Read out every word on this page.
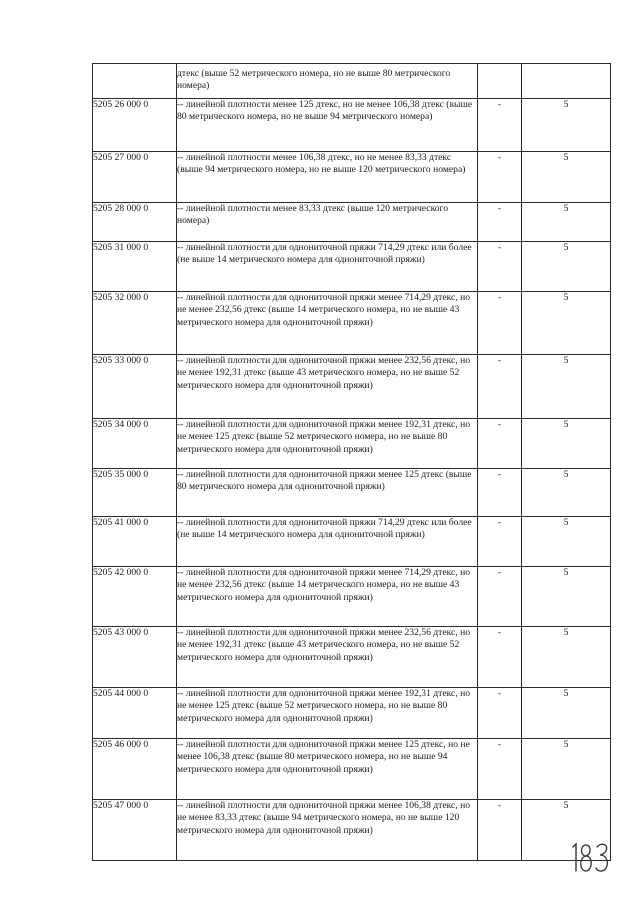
	дтекс (выше 52 метрического номера, но не выше 80 метрического номера)		
5205 26 000 0	-- линейной плотности менее 125 дтекс, но не менее 106,38 дтекс (выше 80 метрического номера, но не выше 94 метрического номера)	-	5
5205 27 000 0	-- линейной плотности менее 106,38 дтекс, но не менее 83,33 дтекс (выше 94 метрического номера, но не выше 120 метрического номера)	-	5
5205 28 000 0	-- линейной плотности менее 83,33 дтекс (выше 120 метрического номера)	-	5
5205 31 000 0	-- линейной плотности для однониточной пряжи 714,29 дтекс или более (не выше 14 метрического номера для однониточной пряжи)	-	5
5205 32 000 0	-- линейной плотности для однониточной пряжи менее 714,29 дтекс, но не менее 232,56 дтекс (выше 14 метрического номера, но не выше 43 метрического номера для однониточной пряжи)	-	5
5205 33 000 0	-- линейной плотности для однониточной пряжи менее 232,56 дтекс, но не менее 192,31 дтекс (выше 43 метрического номера, но не выше 52 метрического номера для однониточной пряжи)	-	5
5205 34 000 0	-- линейной плотности для однониточной пряжи менее 192,31 дтекс, но не менее 125 дтекс (выше 52 метрического номера, но не выше 80 метрического номера для однониточной пряжи)	-	5
5205 35 000 0	-- линейной плотности для однониточной пряжи менее 125 дтекс (выше 80 метрического номера для однониточной пряжи)	-	5
5205 41 000 0	-- линейной плотности для однониточной пряжи 714,29 дтекс или более (не выше 14 метрического номера для однониточной пряжи)	-	5
5205 42 000 0	-- линейной плотности для однониточной пряжи менее 714,29 дтекс, но не менее 232,56 дтекс (выше 14 метрического номера, но не выше 43 метрического номера для однониточной пряжи)	-	5
5205 43 000 0	-- линейной плотности для однониточной пряжи менее 232,56 дтекс, но не менее 192,31 дтекс (выше 43 метрического номера, но не выше 52 метрического номера для однониточной пряжи)	-	5
5205 44 000 0	-- линейной плотности для однониточной пряжи менее 192,31 дтекс, но не менее 125 дтекс (выше 52 метрического номера, но не выше 80 метрического номера для однониточной пряжи)	-	5
5205 46 000 0	-- линейной плотности для однониточной пряжи менее 125 дтекс, но не менее 106,38 дтекс (выше 80 метрического номера, но не выше 94 метрического номера для однониточной пряжи)	-	5
5205 47 000 0	-- линейной плотности для однониточной пряжи менее 106,38 дтекс, но не менее 83,33 дтекс (выше 94 метрического номера, но не выше 120 метрического номера для однониточной пряжи)	-	5
